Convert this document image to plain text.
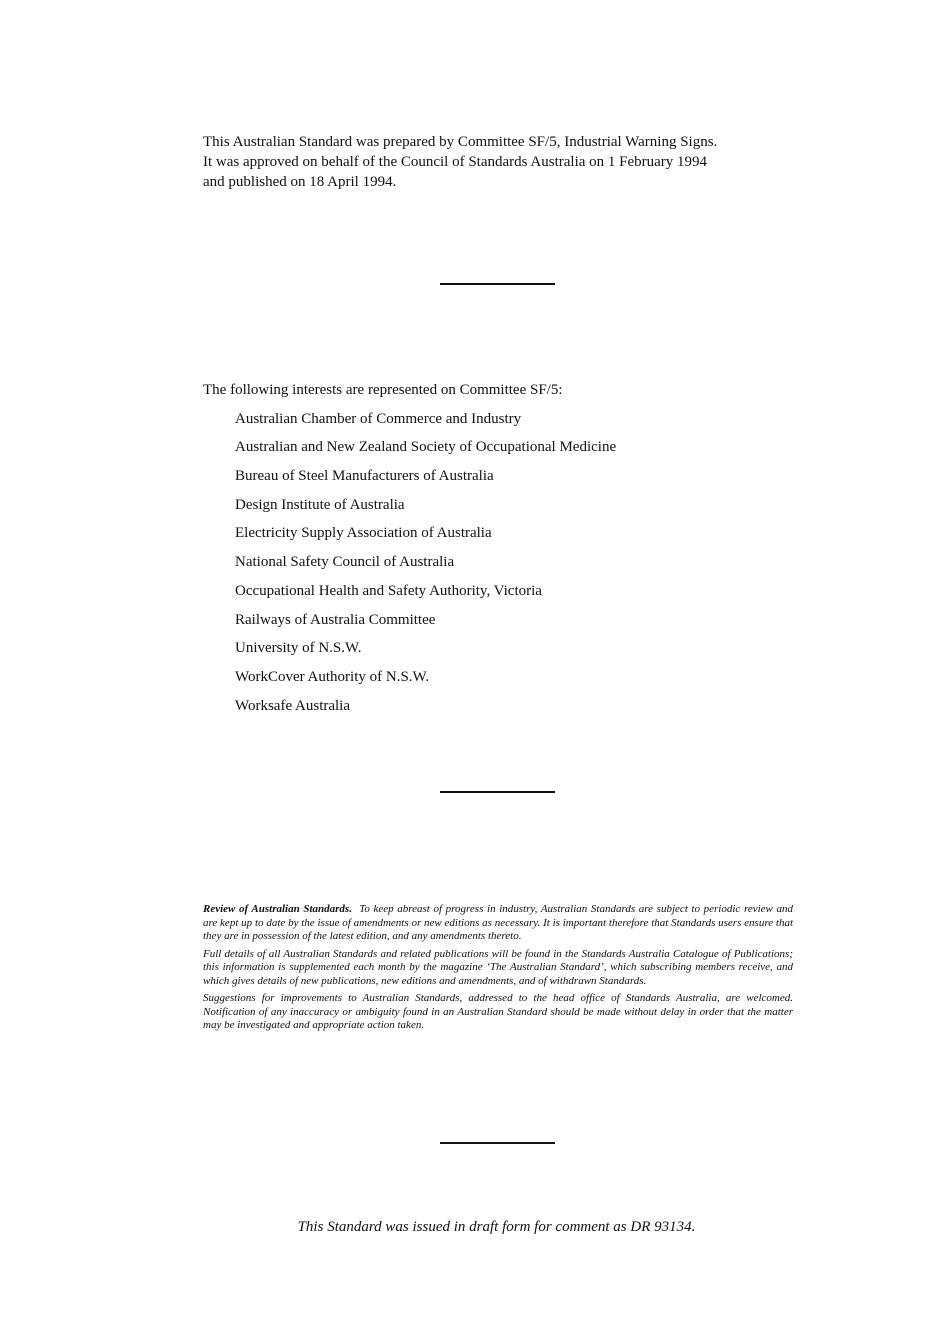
This Australian Standard was prepared by Committee SF/5, Industrial Warning Signs.
It was approved on behalf of the Council of Standards Australia on 1 February 1994
and published on 18 April 1994.

The following interests are represented on Committee SF/5:

Australian Chamber of Commerce and Industry
Australian and New Zealand Society of Occupational Medicine
Bureau of Steel Manufacturers of Australia
Design Institute of Australia
Electricity Supply Association of Australia
National Safety Council of Australia
Occupational Health and Safety Authority, Victoria
Railways of Australia Committee
University of N.S.W.
WorkCover Authority of N.S.W.
Worksafe Australia

Review of Australian Standards. To keep abreast of progress in industry, Australian Standards are subject to periodic review and are kept up to date by the issue of amendments or new editions as necessary. It is important therefore that Standards users ensure that they are in possession of the latest edition, and any amendments thereto.

Full details of all Australian Standards and related publications will be found in the Standards Australia Catalogue of Publications; this information is supplemented each month by the magazine ‘The Australian Standard’, which subscribing members receive, and which gives details of new publications, new editions and amendments, and of withdrawn Standards.

Suggestions for improvements to Australian Standards, addressed to the head office of Standards Australia, are welcomed. Notification of any inaccuracy or ambiguity found in an Australian Standard should be made without delay in order that the matter may be investigated and appropriate action taken.

This Standard was issued in draft form for comment as DR 93134.
